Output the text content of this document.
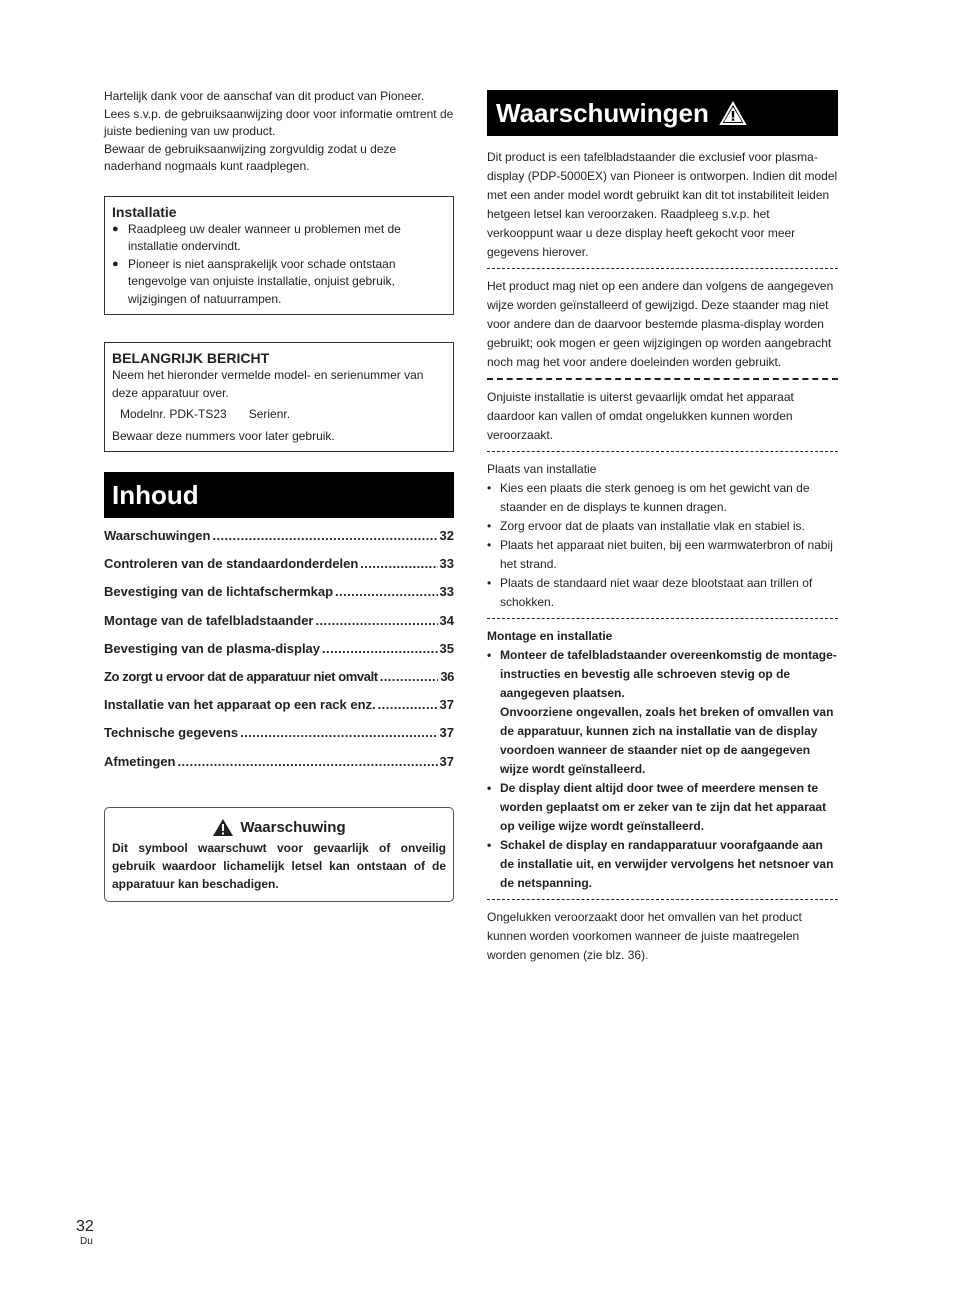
Hartelijk dank voor de aanschaf van dit product van Pioneer.

Lees s.v.p. de gebruiksaanwijzing door voor informatie omtrent de juiste bediening van uw product.

Bewaar de gebruiksaanwijzing zorgvuldig zodat u deze naderhand nogmaals kunt raadplegen.

Installatie
● Raadpleeg uw dealer wanneer u problemen met de installatie ondervindt.
● Pioneer is niet aansprakelijk voor schade ontstaan tengevolge van onjuiste installatie, onjuist gebruik, wijzigingen of natuurrampen.
BELANGRIJK BERICHT
Neem het hieronder vermelde model- en serienummer van deze apparatuur over.
Modelnr. PDK-TS23 Serienr.
Bewaar deze nummers voor later gebruik.
Inhoud
Waarschuwingen . . .	32
Controleren van de standaardonderdelen . . .	33
Bevestiging van de lichtafschermkap . . .	33
Montage van de tafelbladstaander . . .	34
Bevestiging van de plasma-display . . .	35
Zo zorgt u ervoor dat de apparatuur niet omvalt . . .	36
Installatie van het apparaat op een rack enz. . . .	37
Technische gegevens . . .	37
Afmetingen . . .	37
Waarschuwing
Dit symbool waarschuwt voor gevaarlijk of onveilig gebruik waardoor lichamelijk letsel kan ontstaan of de apparatuur kan beschadigen.
Waarschuwingen

Dit product is een tafelbladstaander die exclusief voor plasma-display (PDP-5000EX) van Pioneer is ontworpen. Indien dit model met een ander model wordt gebruikt kan dit tot instabiliteit leiden hetgeen letsel kan veroorzaken. Raadpleeg s.v.p. het verkooppunt waar u deze display heeft gekocht voor meer gegevens hierover.

Het product mag niet op een andere dan volgens de aangegeven wijze worden geïnstalleerd of gewijzigd. Deze staander mag niet voor andere dan de daarvoor bestemde plasma-display worden gebruikt; ook mogen er geen wijzigingen op worden aangebracht noch mag het voor andere doeleinden worden gebruikt.

Onjuiste installatie is uiterst gevaarlijk omdat het apparaat daardoor kan vallen of omdat ongelukken kunnen worden veroorzaakt.

Plaats van installatie

• Kies een plaats die sterk genoeg is om het gewicht van de staander en de displays te kunnen dragen.
• Zorg ervoor dat de plaats van installatie vlak en stabiel is.
• Plaats het apparaat niet buiten, bij een warmwaterbron of nabij het strand.
• Plaats de standaard niet waar deze blootstaat aan trillen of schokken.

Montage en installatie

• Monteer de tafelbladstaander overeenkomstig de montage-instructies en bevestig alle schroeven stevig op de aangegeven plaatsen.
Onvoorziene ongevallen, zoals het breken of omvallen van de apparatuur, kunnen zich na installatie van de display voordoen wanneer de staander niet op de aangegeven wijze wordt geïnstalleerd.
• De display dient altijd door twee of meerdere mensen te worden geplaatst om er zeker van te zijn dat het apparaat op veilige wijze wordt geïnstalleerd.
• Schakel de display en randapparatuur voorafgaande aan de installatie uit, en verwijder vervolgens het netsnoer van de netspanning.

Ongelukken veroorzaakt door het omvallen van het product kunnen worden voorkomen wanneer de juiste maatregelen worden genomen (zie blz. 36).

32
Du
